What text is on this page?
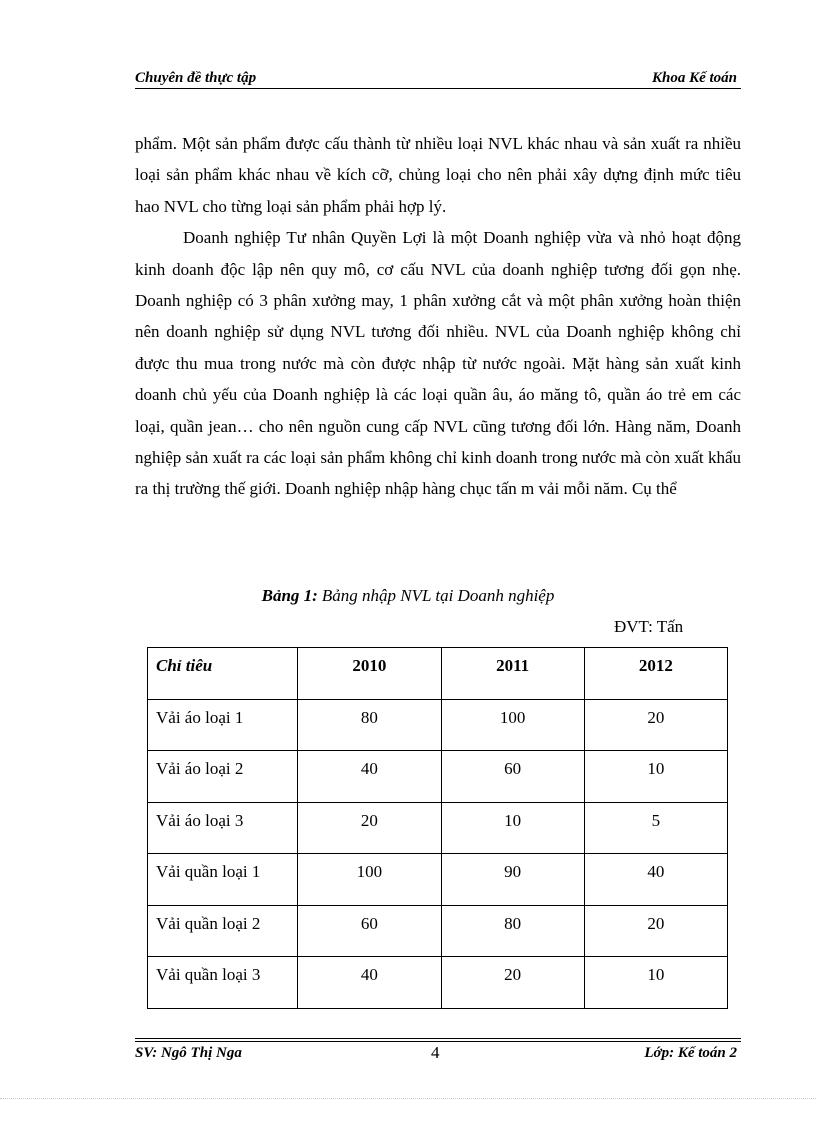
Chuyên đề thực tập	Khoa Kế toán

phẩm. Một sản phẩm được cấu thành từ nhiều loại NVL khác nhau và sản xuất ra nhiều loại sản phẩm khác nhau về kích cỡ, chủng loại cho nên phải xây dựng định mức tiêu hao NVL cho từng loại sản phẩm phải hợp lý.

Doanh nghiệp Tư nhân Quyền Lợi là một Doanh nghiệp vừa và nhỏ hoạt động kinh doanh độc lập nên quy mô, cơ cấu NVL của doanh nghiệp tương đối gọn nhẹ. Doanh nghiệp có 3 phân xưởng may, 1 phân xưởng cắt và một phân xưởng hoàn thiện nên doanh nghiệp sử dụng NVL tương đối nhiều. NVL của Doanh nghiệp không chỉ được thu mua trong nước mà còn được nhập từ nước ngoài. Mặt hàng sản xuất kinh doanh chủ yếu của Doanh nghiệp là các loại quần âu, áo măng tô, quần áo trẻ em các loại, quần jean… cho nên nguồn cung cấp NVL cũng tương đối lớn. Hàng năm, Doanh nghiệp sản xuất ra các loại sản phẩm không chỉ kinh doanh trong nước mà còn xuất khẩu ra thị trường thế giới. Doanh nghiệp nhập hàng chục tấn m vải mỗi năm. Cụ thể

Bảng 1: Bảng nhập NVL tại Doanh nghiệp
ĐVT: Tấn
Chỉ tiêu	2010	2011	2012
Vải áo loại 1	80	100	20
Vải áo loại 2	40	60	10
Vải áo loại 3	20	10	5
Vải quần loại 1	100	90	40
Vải quần loại 2	60	80	20
Vải quần loại 3	40	20	10
SV: Ngô Thị Nga	4	Lớp: Kế toán 2
